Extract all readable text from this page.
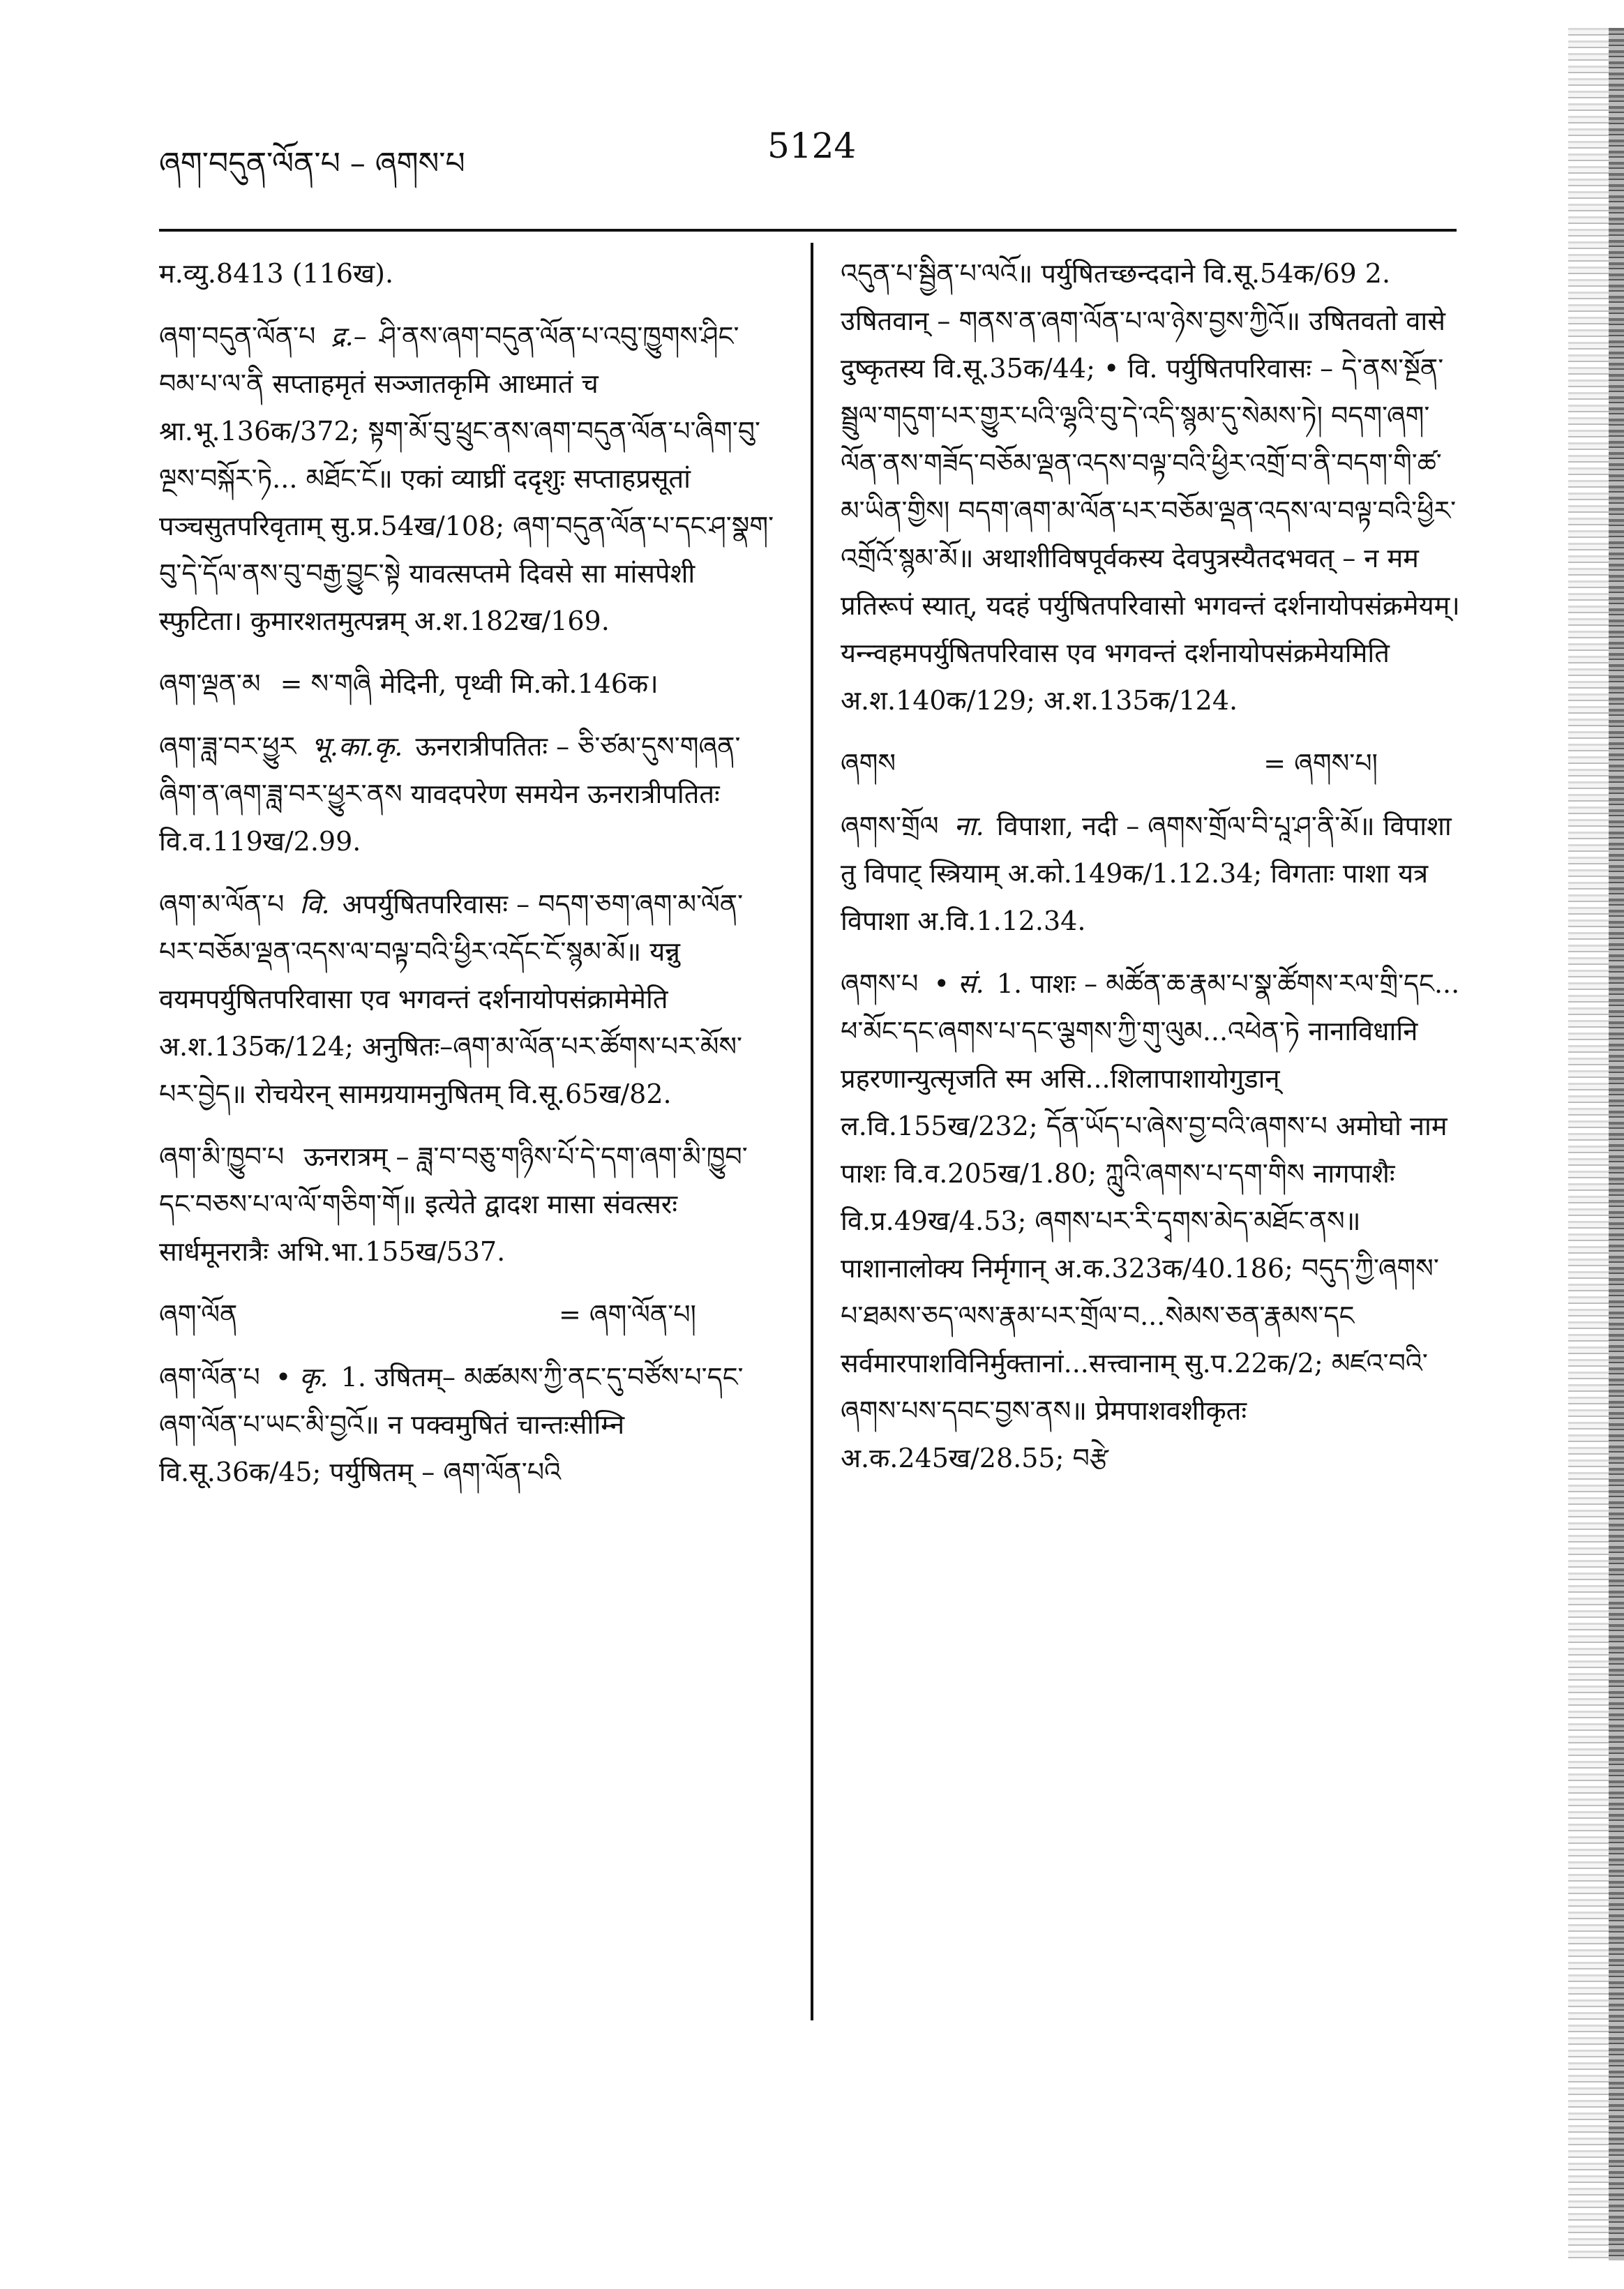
ཞག་བདུན་ལོན་པ – ཞགས་པ	5124

म.व्यु.8413 (116ख).

ཞག་བདུན་ལོན་པ द्र.– ཤི་ནས་ཞག་བདུན་ལོན་པ་འབུ་ཁྱུགས་ཤིང་བམ་པ་ལ་ནི सप्ताहमृतं सञ्जातकृमि आध्मातं च श्रा.भू.136क/372; སྟག་མོ་བུ་ཕྲུང་ནས་ཞག་བདུན་ལོན་པ་ཞིག་བུ་ལྔས་བསྐོར་ཏེ... མཐོང་ངོ॥ एकां व्याघ्रीं ददृशुः सप्ताहप्रसूतां पञ्चसुतपरिवृताम् सु.प्र.54ख/108; ཞག་བདུན་ལོན་པ་དང་ཤ་སྣག་བུ་དེ་དོལ་ནས་བུ་བརྒྱ་བྱུང་སྟེ यावत्सप्तमे दिवसे सा मांसपेशी स्फुटिता। कुमारशतमुत्पन्नम् अ.श.182ख/169.

ཞག་ལྡན་མ = ས་གཞི मेदिनी, पृथ्वी मि.को.146क।

ཞག་ཟླ་བར་ཕྱུར भू.का.कृ. ऊनरात्रीपतितः – ཅི་ཙམ་དུས་གཞན་ཞིག་ན་ཞག་ཟླ་བར་ཕྱུར་ནས यावदपरेण समयेन ऊनरात्रीपतितः वि.व.119ख/2.99.

ཞག་མ་ལོན་པ वि. अपर्युषितपरिवासः – བདག་ཅག་ཞག་མ་ལོན་པར་བཅོམ་ལྡན་འདས་ལ་བལྟ་བའི་ཕྱིར་འདོང་ངོ་སྙམ་མོ॥ यन्नु वयमपर्युषितपरिवासा एव भगवन्तं दर्शनायोपसंक्रामेमेति अ.श.135क/124; अनुषितः–ཞག་མ་ལོན་པར་ཚོགས་པར་མོས་པར་བྱེད॥ रोचयेरन् सामग्रयामनुषितम् वि.सू.65ख/82.

ཞག་མི་ཁྱུབ་པ ऊनरात्रम् – ཟླ་བ་བཅུ་གཉིས་པོ་དེ་དག་ཞག་མི་ཁྱུབ་དང་བཅས་པ་ལ་ལོ་གཅིག་གོ॥ इत्येते द्वादश मासा संवत्सरः सार्धमूनरात्रैः अभि.भा.155ख/537.

ཞག་ལོན	= ཞག་ལོན་པ།

ཞག་ལོན་པ • कृ. 1. उषितम्– མཚམས་ཀྱི་ནང་དུ་བཙོས་པ་དང་ཞག་ལོན་པ་ཡང་མི་བྱའོ॥ न पक्वमुषितं चान्तःसीम्नि वि.सू.36क/45; पर्युषितम् – ཞག་ལོན་པའི

འདུན་པ་སྦྱིན་པ་ལའོ॥ पर्युषितच्छन्ददाने वि.सू.54क/69 2. उषितवान् – གནས་ན་ཞག་ལོན་པ་ལ་ཉེས་བྱས་ཀྱིའོ॥ उषितवतो वासे दुष्कृतस्य वि.सू.35क/44; • वि. पर्युषितपरिवासः – དེ་ནས་སྔོན་སྦྲུལ་གདུག་པར་གྱུར་པའི་ལྷའི་བུ་དེ་འདི་སྙམ་དུ་སེམས་ཏེ། བདག་ཞག་ལོན་ནས་གཟོད་བཅོམ་ལྡན་འདས་བལྟ་བའི་ཕྱིར་འགྲོ་བ་ནི་བདག་གི་ཚ་མ་ཡིན་གྱིས། བདག་ཞག་མ་ལོན་པར་བཅོམ་ལྡན་འདས་ལ་བལྟ་བའི་ཕྱིར་འགྲོའོ་སྙམ་མོ॥ अथाशीविषपूर्वकस्य देवपुत्रस्यैतदभवत् – न मम प्रतिरूपं स्यात्, यदहं पर्युषितपरिवासो भगवन्तं दर्शनायोपसंक्रमेयम्। यन्न्वहमपर्युषितपरिवास एव भगवन्तं दर्शनायोपसंक्रमेयमिति अ.श.140क/129; अ.श.135क/124.

ཞགས	= ཞགས་པ།

ཞགས་གྲོལ ना. विपाशा, नदी – ཞགས་གྲོལ་བི་པཱ་ཤ་ནི་མོ॥ विपाशा तु विपाट् स्त्रियाम् अ.को.149क/1.12.34; विगताः पाशा यत्र विपाशा अ.वि.1.12.34.

ཞགས་པ • सं. 1. पाशः – མཚོན་ཆ་རྣམ་པ་སྣ་ཚོགས་རལ་གྲི་དང... ཕ་མོང་དང་ཞགས་པ་དང་ལྕགས་ཀྱི་གུ་ལུམ...འཕེན་ཏེ नानाविधानि प्रहरणान्युत्सृजति स्म असि...शिलापाशायोगुडान् ल.वि.155ख/232; དོན་ཡོད་པ་ཞེས་བྱ་བའི་ཞགས་པ अमोघो नाम पाशः वि.व.205ख/1.80; ཀླུའི་ཞགས་པ་དག་གིས नागपाशैः वि.प्र.49ख/4.53; ཞགས་པར་རི་དྭགས་མེད་མཐོང་ནས॥ पाशानालोक्य निर्मृगान् अ.क.323क/40.186; བདུད་ཀྱི་ཞགས་པ་ཐམས་ཅད་ལས་རྣམ་པར་གྲོལ་བ...སེམས་ཅན་རྣམས་དང सर्वमारपाशविनिर्मुक्तानां...सत्त्वानाम् सु.प.22क/2; མཛའ་བའི་ཞགས་པས་དབང་བྱས་ནས॥ प्रेमपाशवशीकृतः अ.क.245ख/28.55; བརྩེ
